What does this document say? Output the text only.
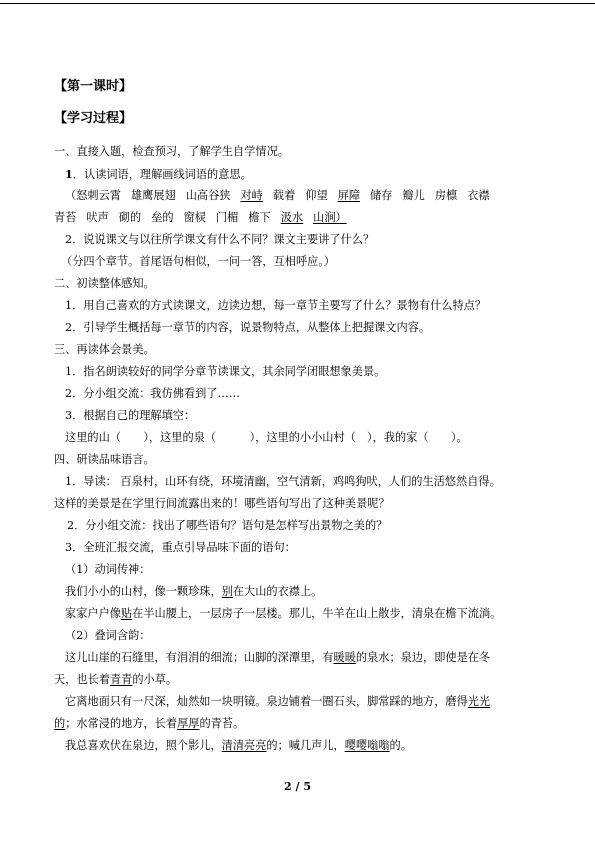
【第一课时】
【学习过程】
一、直接入题，检查预习，了解学生自学情况。
1．认读词语，理解画线词语的意思。
（怒刺云霄 雄鹰展翅 山高谷狭 对峙 载着 仰望 屏障 储存 瓣儿 房檩 衣襟
青苔 吠声 砌的 垒的 窗棂 门楣 檐下 汲水 山涧）
2．说说课文与以往所学课文有什么不同？课文主要讲了什么？
（分四个章节。首尾语句相似，一问一答，互相呼应。）
二、初读整体感知。
1．用自己喜欢的方式读课文，边读边想，每一章节主要写了什么？景物有什么特点？
2．引导学生概括每一章节的内容，说景物特点，从整体上把握课文内容。
三、再读体会景美。
1．指名朗读较好的同学分章节读课文，其余同学闭眼想象美景。
2．分小组交流：我仿佛看到了……
3．根据自己的理解填空：
这里的山（　　），这里的泉（　　　），这里的小小山村（　），我的家（　　）。
四、研读品味语言。
1．导读： 百泉村，山环有绕，环境清幽，空气清新，鸡鸣狗吠，人们的生活悠然自得。
这样的美景是在字里行间流露出来的！哪些语句写出了这种美景呢？
2．分小组交流：找出了哪些语句？语句是怎样写出景物之美的？
3．全班汇报交流，重点引导品味下面的语句：
（1）动词传神：
我们小小的山村，像一颗珍珠，别在大山的衣襟上。
家家户户像贴在半山腰上，一层房子一层楼。那儿，牛羊在山上散步，清泉在檐下流淌。
（2）叠词含韵：
这儿山崖的石缝里，有涓涓的细流；山脚的深潭里，有暖暖的泉水；泉边，即使是在冬
天，也长着青青的小草。
它离地面只有一尺深，灿然如一块明镜。泉边铺着一圈石头，脚常踩的地方，磨得光光
的；水常浸的地方，长着厚厚的青苔。
我总喜欢伏在泉边，照个影儿，清清亮亮的；喊几声儿，嘤嘤嗡嗡的。
2 / 5
